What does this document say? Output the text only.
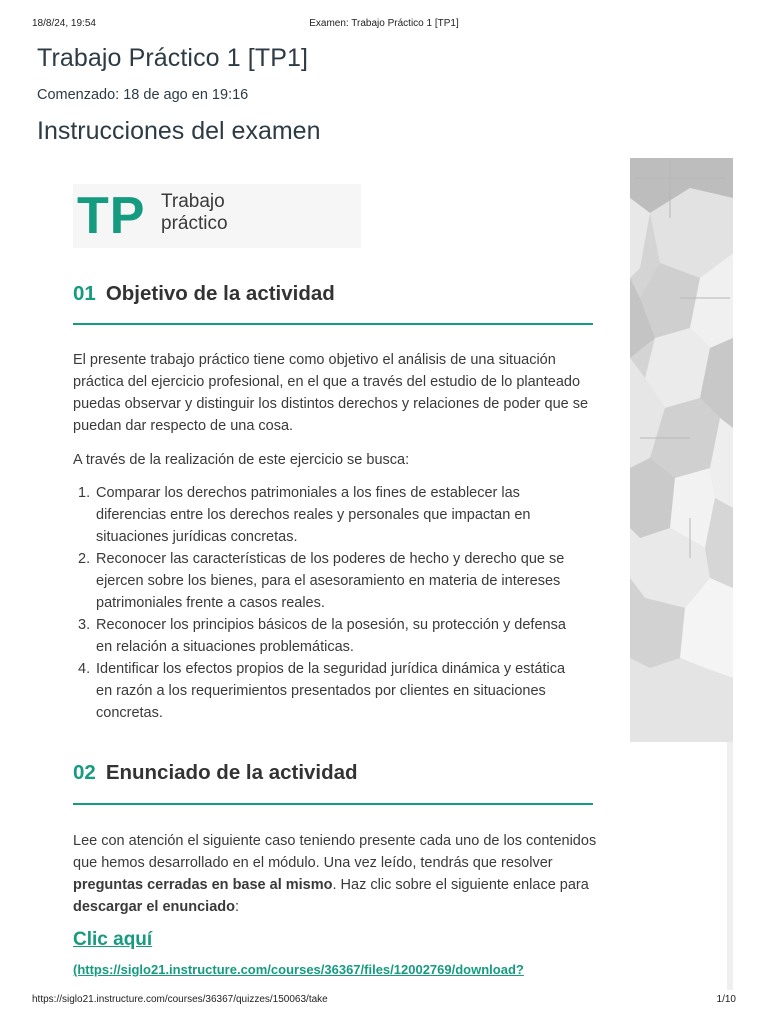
18/8/24, 19:54	Examen: Trabajo Práctico 1 [TP1]
Trabajo Práctico 1 [TP1]
Comenzado: 18 de ago en 19:16
Instrucciones del examen
TP Trabajo
práctico
01 Objetivo de la actividad

El presente trabajo práctico tiene como objetivo el análisis de una situación práctica del ejercicio profesional, en el que a través del estudio de lo planteado puedas observar y distinguir los distintos derechos y relaciones de poder que se puedan dar respecto de una cosa.

A través de la realización de este ejercicio se busca:

1. Comparar los derechos patrimoniales a los fines de establecer las diferencias entre los derechos reales y personales que impactan en situaciones jurídicas concretas.
2. Reconocer las características de los poderes de hecho y derecho que se ejercen sobre los bienes, para el asesoramiento en materia de intereses patrimoniales frente a casos reales.
3. Reconocer los principios básicos de la posesión, su protección y defensa en relación a situaciones problemáticas.
4. Identificar los efectos propios de la seguridad jurídica dinámica y estática en razón a los requerimientos presentados por clientes en situaciones concretas.
02 Enunciado de la actividad

Lee con atención el siguiente caso teniendo presente cada uno de los contenidos que hemos desarrollado en el módulo. Una vez leído, tendrás que resolver preguntas cerradas en base al mismo. Haz clic sobre el siguiente enlace para descargar el enunciado:

Clic aquí
(https://siglo21.instructure.com/courses/36367/files/12002769/download?
https://siglo21.instructure.com/courses/36367/quizzes/150063/take	1/10
